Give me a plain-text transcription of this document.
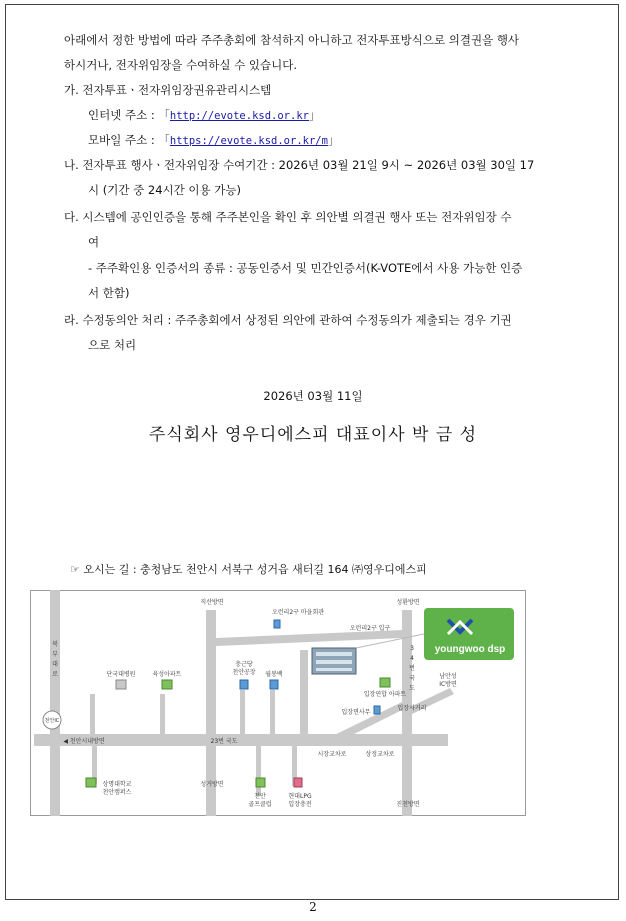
아래에서 정한 방법에 따라 주주총회에 참석하지 아니하고 전자투표방식으로 의결권을 행사
하시거나, 전자위임장을 수여하실 수 있습니다.
가. 전자투표ㆍ전자위임장권유관리시스템
인터넷 주소 : 「http://evote.ksd.or.kr」
모바일 주소 : 「https://evote.ksd.or.kr/m」
나. 전자투표 행사ㆍ전자위임장 수여기간 : 2026년 03월 21일 9시 ~ 2026년 03월 30일 17
시 (기간 중 24시간 이용 가능)
다. 시스템에 공인인증을 통해 주주본인을 확인 후 의안별 의결권 행사 또는 전자위임장 수
여
- 주주확인용 인증서의 종류 : 공동인증서 및 민간인증서(K-VOTE에서 사용 가능한 인증
서 한함)
라. 수정동의안 처리 : 주주총회에서 상정된 의안에 관하여 수정동의가 제출되는 경우 기권
으로 처리
2026년 03월 11일
주식회사 영우디에스피 대표이사 박 금 성
☞ 오시는 길 : 충청남도 천안시 서북구 성거읍 새터길 164 ㈜영우디에스피
youngwoo dsp
직산방면	성환방면
오런리2구 마을회관
오런리2구 입구
북
부
대
로
천안IC
단국대병원	육성아파트
충근당
천안공장 월봉백
입장연합 아파트
남안성
IC방면
입장면사무
입장사거리
3
4
번
국
도
◀ 천안시내방면	23번 국도
시장교차로	상정교차로
상명대학교
천안캠퍼스
성거방면
천안
골프클럽
현대LPG
입장충전	진천방면
2
